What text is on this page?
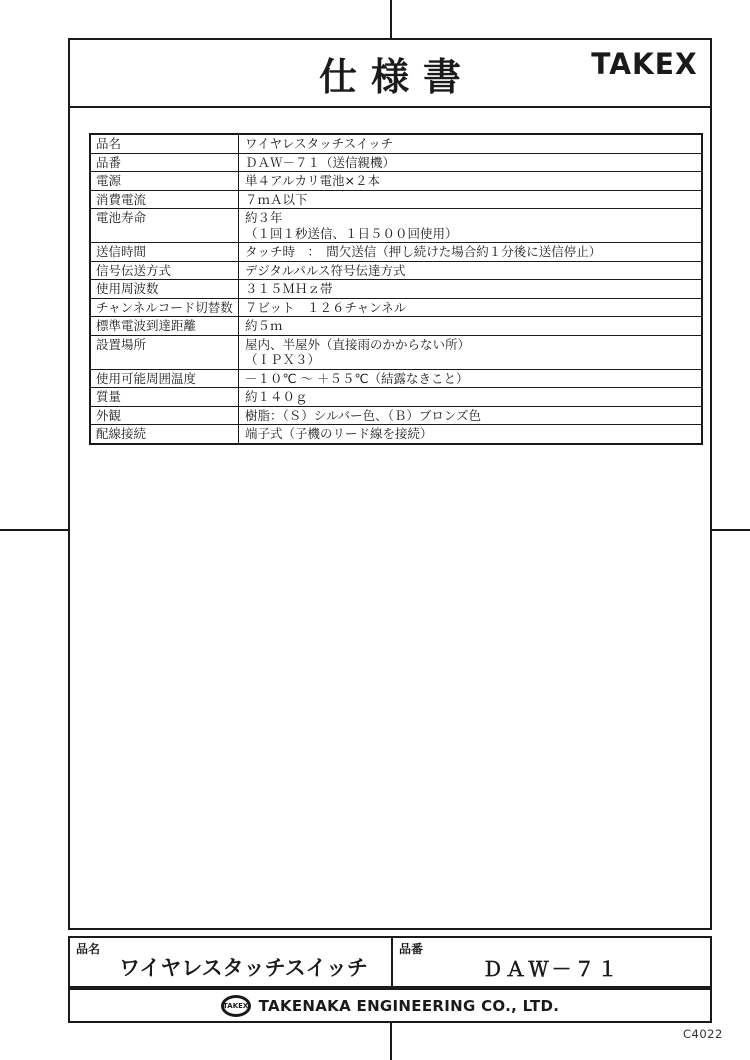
仕様書	TAKEX
品名	ワイヤレスタッチスイッチ
品番	ＤＡＷ－７１（送信親機）
電源	単４アルカリ電池×２本
消費電流	７ｍＡ以下
電池寿命	約３年
（１回１秒送信、１日５００回使用）
送信時間	タッチ時　：　間欠送信（押し続けた場合約１分後に送信停止）
信号伝送方式	デジタルパルス符号伝達方式
使用周波数	３１５ＭＨｚ帯
チャンネルコード切替数 ７ビット　１２６チャンネル
標準電波到達距離	約５ｍ
設置場所	屋内、半屋外（直接雨のかからない所）
（ＩＰＸ３）
使用可能周囲温度	－１０℃ ～ ＋５５℃（結露なきこと）
質量	約１４０ｇ
外観	樹脂：（Ｓ）シルバー色、（Ｂ）ブロンズ色
配線接続	端子式（子機のリード線を接続）
品名
ワイヤレスタッチスイッチ
品番
ＤＡＷ－７１
TAKEX TAKENAKA ENGINEERING CO., LTD.
C4022
